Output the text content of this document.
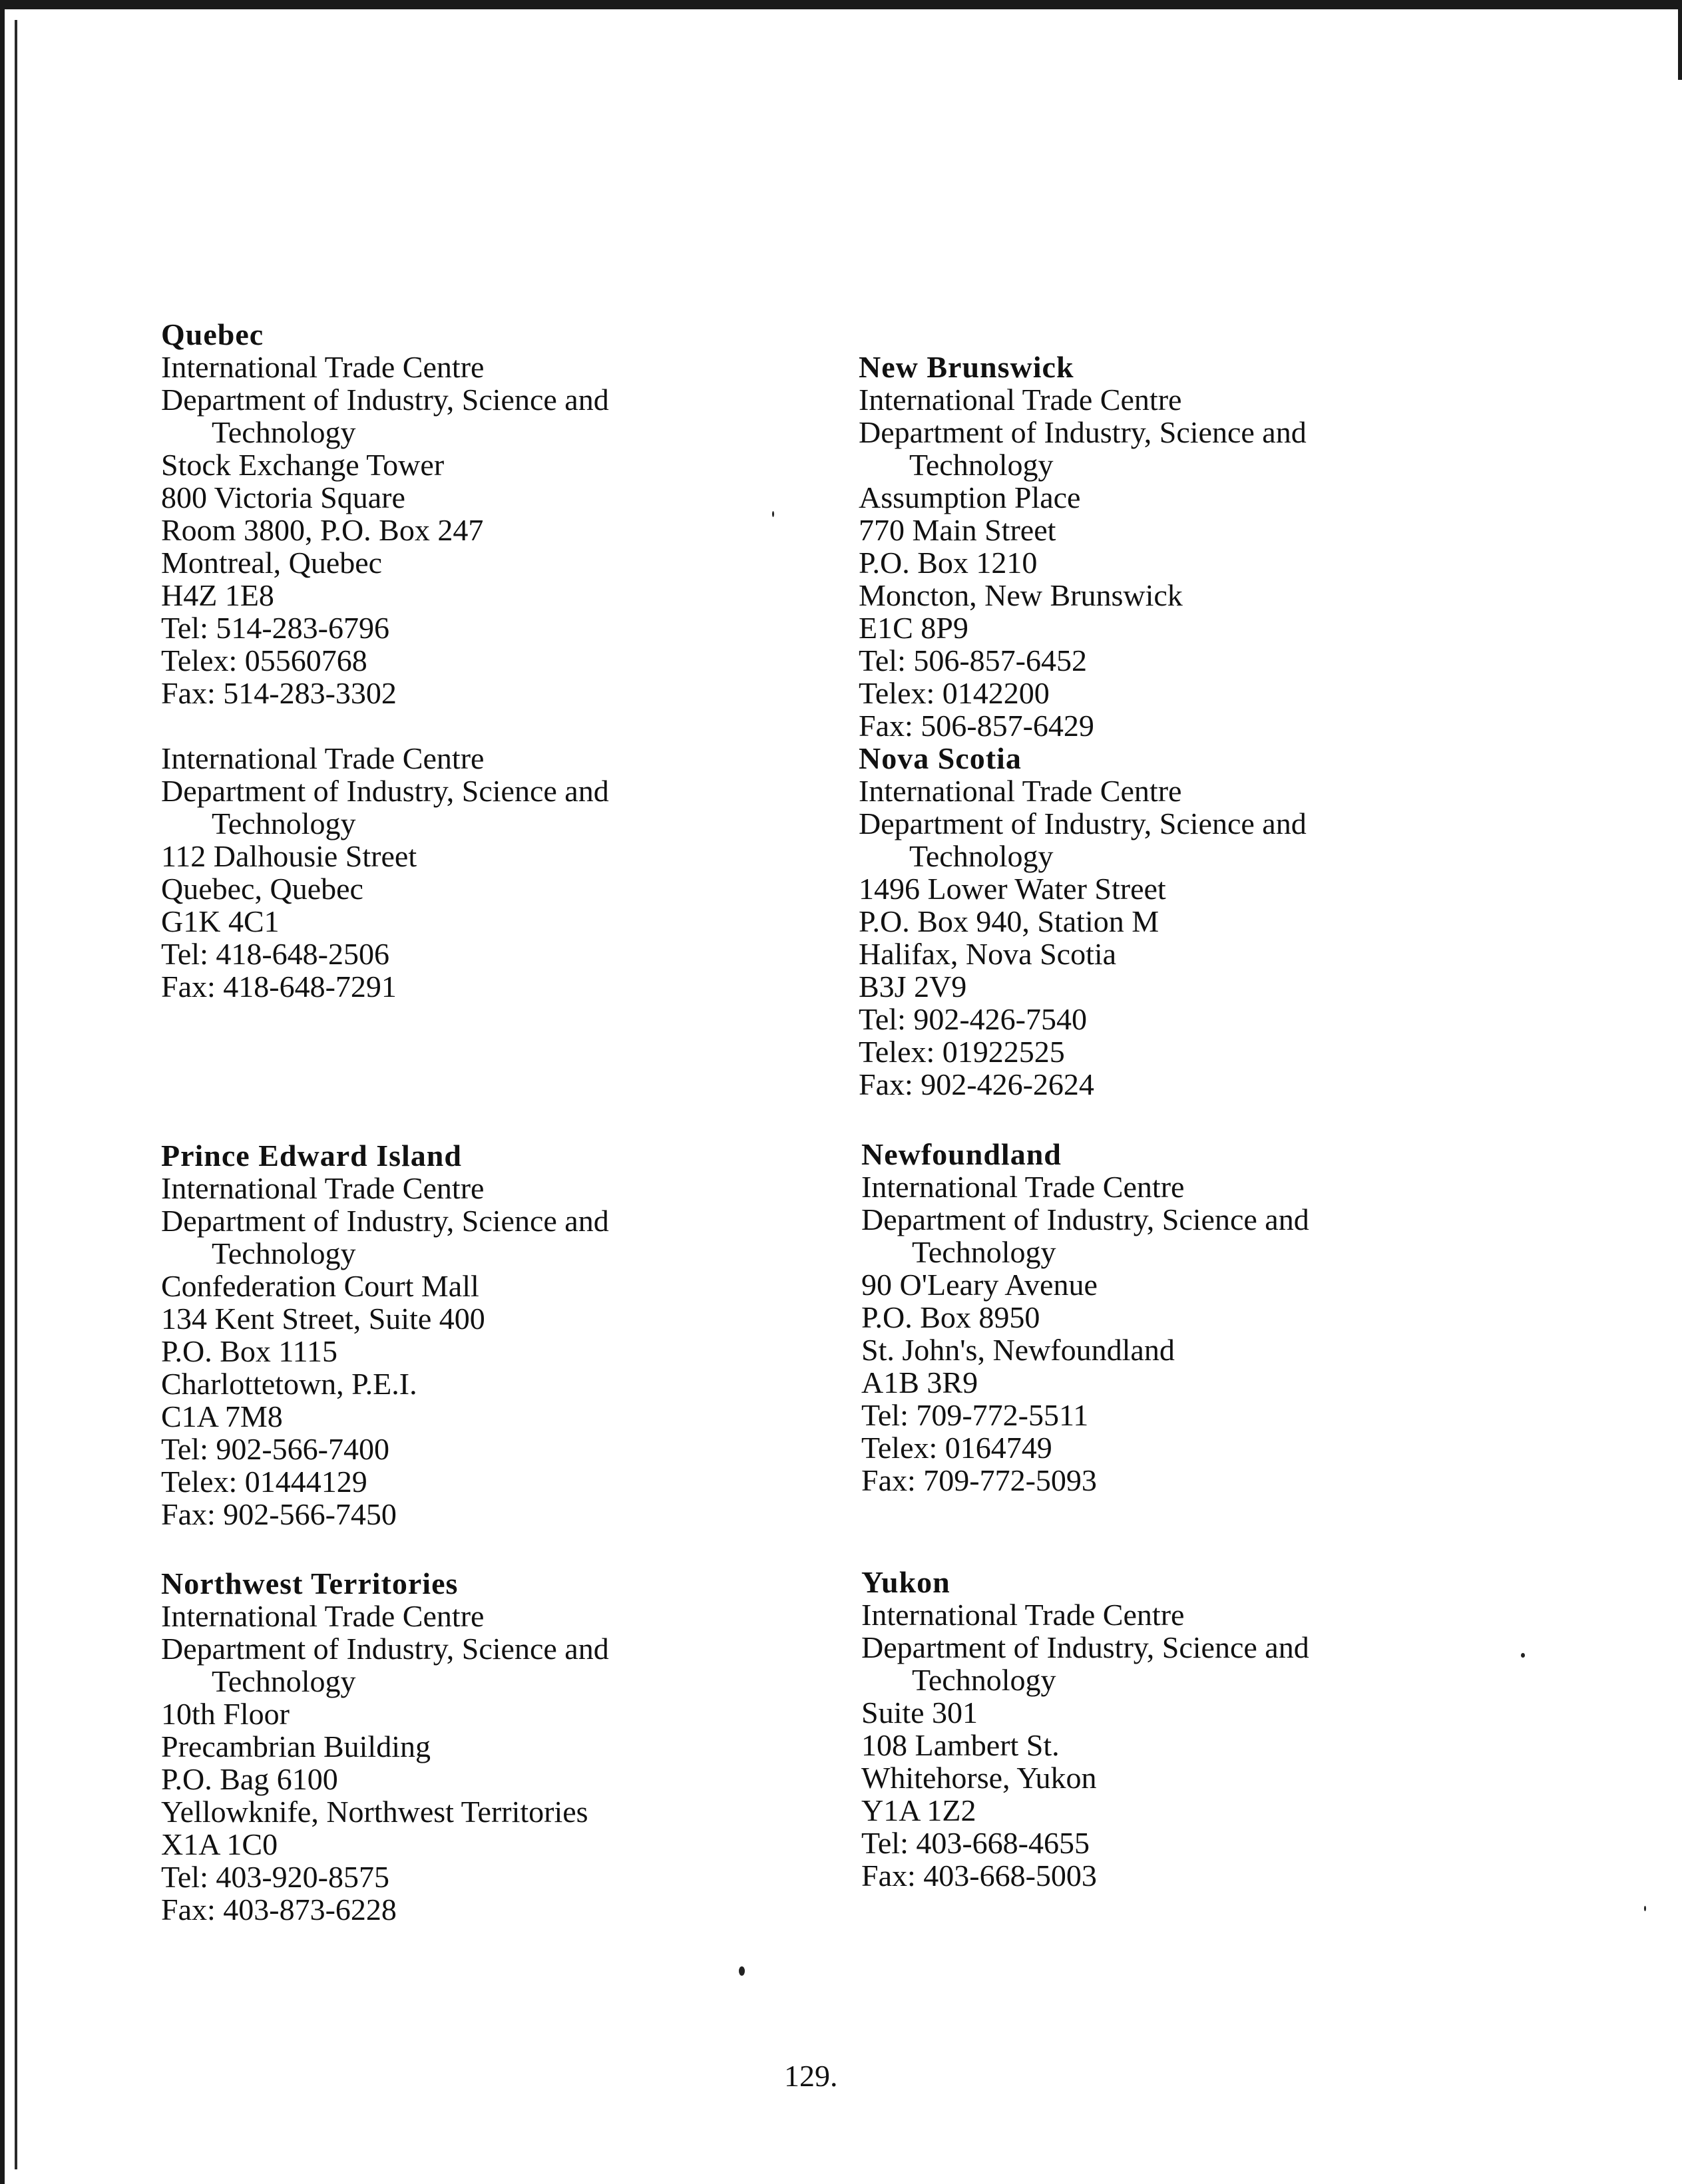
Quebec
International Trade Centre
Department of Industry, Science and
Technology
Stock Exchange Tower
800 Victoria Square
Room 3800, P.O. Box 247
Montreal, Quebec
H4Z 1E8
Tel: 514-283-6796
Telex: 05560768
Fax: 514-283-3302
International Trade Centre
Department of Industry, Science and
Technology
112 Dalhousie Street
Quebec, Quebec
G1K 4C1
Tel: 418-648-2506
Fax: 418-648-7291
Prince Edward Island
International Trade Centre
Department of Industry, Science and
Technology
Confederation Court Mall
134 Kent Street, Suite 400
P.O. Box 1115
Charlottetown, P.E.I.
C1A 7M8
Tel: 902-566-7400
Telex: 01444129
Fax: 902-566-7450
Northwest Territories
International Trade Centre
Department of Industry, Science and
Technology
10th Floor
Precambrian Building
P.O. Bag 6100
Yellowknife, Northwest Territories
X1A 1C0
Tel: 403-920-8575
Fax: 403-873-6228
New Brunswick
International Trade Centre
Department of Industry, Science and
Technology
Assumption Place
770 Main Street
P.O. Box 1210
Moncton, New Brunswick
E1C 8P9
Tel: 506-857-6452
Telex: 0142200
Fax: 506-857-6429
Nova Scotia
International Trade Centre
Department of Industry, Science and
Technology
1496 Lower Water Street
P.O. Box 940, Station M
Halifax, Nova Scotia
B3J 2V9
Tel: 902-426-7540
Telex: 01922525
Fax: 902-426-2624
Newfoundland
International Trade Centre
Department of Industry, Science and
Technology
90 O'Leary Avenue
P.O. Box 8950
St. John's, Newfoundland
A1B 3R9
Tel: 709-772-5511
Telex: 0164749
Fax: 709-772-5093
Yukon
International Trade Centre
Department of Industry, Science and
Technology
Suite 301
108 Lambert St.
Whitehorse, Yukon
Y1A 1Z2
Tel: 403-668-4655
Fax: 403-668-5003
129.
